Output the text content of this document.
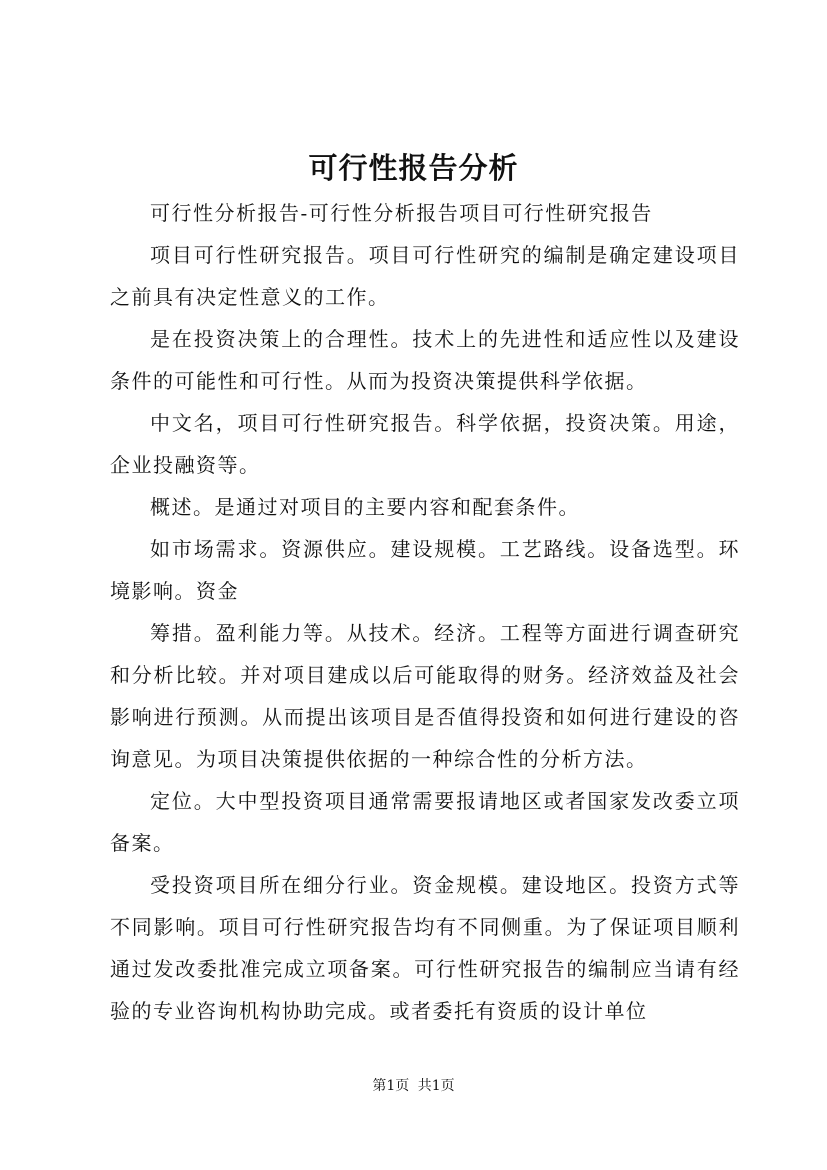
可行性报告分析

可行性分析报告-可行性分析报告项目可行性研究报告

项目可行性研究报告。项目可行性研究的编制是确定建设项目之前具有决定性意义的工作。

是在投资决策上的合理性。技术上的先进性和适应性以及建设条件的可能性和可行性。从而为投资决策提供科学依据。

中文名，项目可行性研究报告。科学依据，投资决策。用途，企业投融资等。

概述。是通过对项目的主要内容和配套条件。

如市场需求。资源供应。建设规模。工艺路线。设备选型。环境影响。资金

筹措。盈利能力等。从技术。经济。工程等方面进行调查研究和分析比较。并对项目建成以后可能取得的财务。经济效益及社会影响进行预测。从而提出该项目是否值得投资和如何进行建设的咨询意见。为项目决策提供依据的一种综合性的分析方法。

定位。大中型投资项目通常需要报请地区或者国家发改委立项备案。

受投资项目所在细分行业。资金规模。建设地区。投资方式等不同影响。项目可行性研究报告均有不同侧重。为了保证项目顺利通过发改委批准完成立项备案。可行性研究报告的编制应当请有经验的专业咨询机构协助完成。或者委托有资质的设计单位

第1页 共1页
